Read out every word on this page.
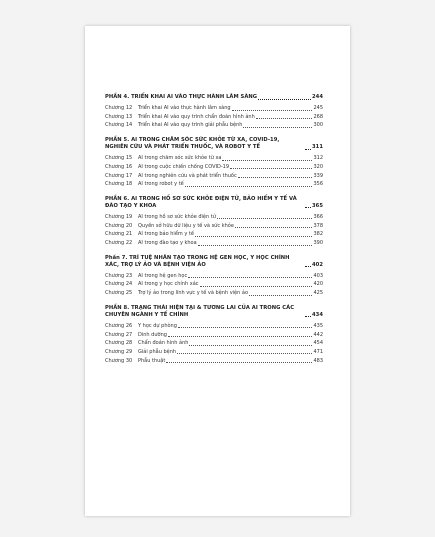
PHẦN 4. TRIỂN KHAI AI VÀO THỰC HÀNH LÂM SÀNG	244
Chương 12	Triển khai AI vào thực hành lâm sàng	245
Chương 13	Triển khai AI vào quy trình chẩn đoán hình ảnh	268
Chương 14	Triển khai AI vào quy trình giải phẫu bệnh	300
PHẦN 5. AI TRONG CHĂM SÓC SỨC KHỎE TỪ XA, COVID-19, NGHIÊN CỨU VÀ PHÁT TRIỂN THUỐC, VÀ ROBOT Y TẾ	311
Chương 15	AI trong chăm sóc sức khỏe từ xa	312
Chương 16	AI trong cuộc chiến chống COVID-19	320
Chương 17	AI trong nghiên cứu và phát triển thuốc	339
Chương 18	AI trong robot y tế	356
PHẦN 6. AI TRONG HỒ SƠ SỨC KHỎE ĐIỆN TỬ, BẢO HIỂM Y TẾ VÀ ĐÀO TẠO Y KHOA	365
Chương 19	AI trong hồ sơ sức khỏe điện tử	366
Chương 20	Quyền sở hữu dữ liệu y tế và sức khỏe	378
Chương 21	AI trong bảo hiểm y tế	382
Chương 22	AI trong đào tạo y khoa	390
Phần 7. TRÍ TUỆ NHÂN TẠO TRONG HỆ GEN HỌC, Y HỌC CHÍNH XÁC, TRỢ LÝ ẢO VÀ BỆNH VIỆN ẢO	402
Chương 23	AI trong hệ gen học	403
Chương 24	AI trong y học chính xác	420
Chương 25	Trợ lý ảo trong lĩnh vực y tế và bệnh viện ảo	425
PHẦN 8. TRẠNG THÁI HIỆN TẠI & TƯƠNG LAI CỦA AI TRONG CÁC CHUYÊN NGÀNH Y TẾ CHÍNH	434
Chương 26	Y học dự phòng	435
Chương 27	Dinh dưỡng	442
Chương 28	Chẩn đoán hình ảnh	454
Chương 29	Giải phẫu bệnh	471
Chương 30	Phẫu thuật	483
